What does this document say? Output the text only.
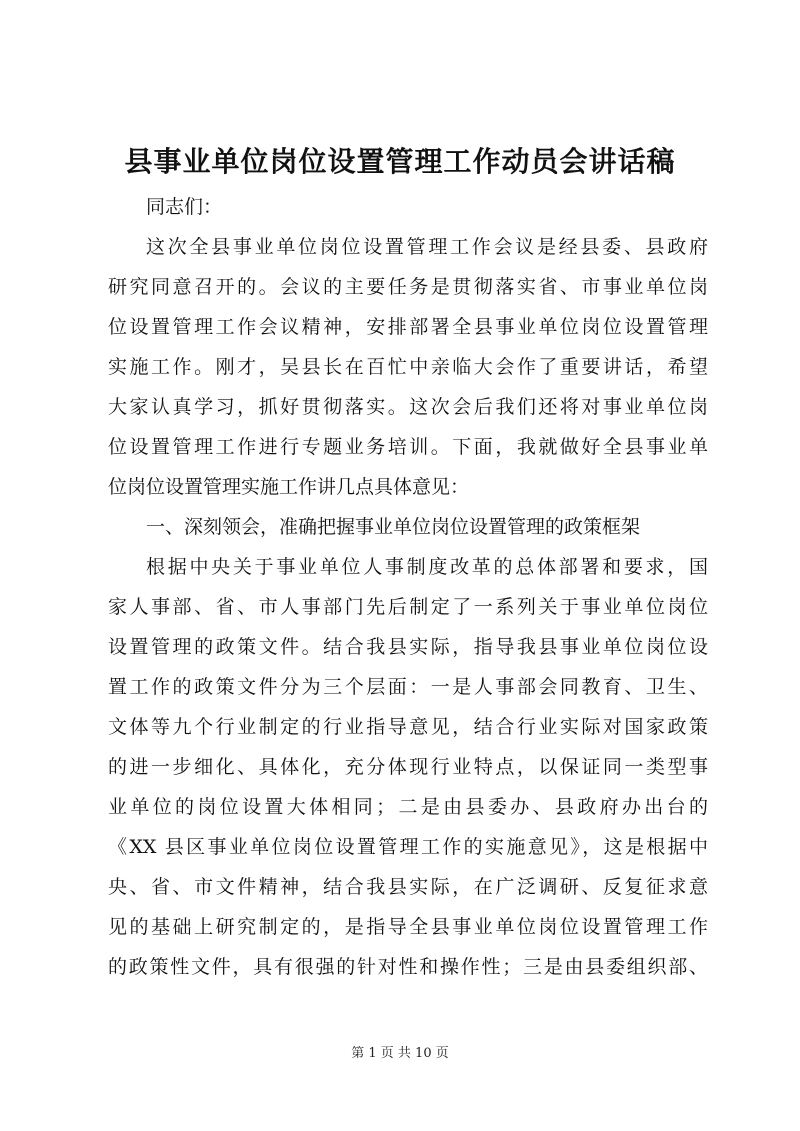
县事业单位岗位设置管理工作动员会讲话稿
同志们：
这次全县事业单位岗位设置管理工作会议是经县委、县政府
研究同意召开的。会议的主要任务是贯彻落实省、市事业单位岗
位设置管理工作会议精神，安排部署全县事业单位岗位设置管理
实施工作。刚才，吴县长在百忙中亲临大会作了重要讲话，希望
大家认真学习，抓好贯彻落实。这次会后我们还将对事业单位岗
位设置管理工作进行专题业务培训。下面，我就做好全县事业单
位岗位设置管理实施工作讲几点具体意见：
一、深刻领会，准确把握事业单位岗位设置管理的政策框架
根据中央关于事业单位人事制度改革的总体部署和要求，国
家人事部、省、市人事部门先后制定了一系列关于事业单位岗位
设置管理的政策文件。结合我县实际，指导我县事业单位岗位设
置工作的政策文件分为三个层面：一是人事部会同教育、卫生、
文体等九个行业制定的行业指导意见，结合行业实际对国家政策
的进一步细化、具体化，充分体现行业特点，以保证同一类型事
业单位的岗位设置大体相同；二是由县委办、县政府办出台的
《XX 县区事业单位岗位设置管理工作的实施意见》，这是根据中
央、省、市文件精神，结合我县实际，在广泛调研、反复征求意
见的基础上研究制定的，是指导全县事业单位岗位设置管理工作
的政策性文件，具有很强的针对性和操作性；三是由县委组织部、
第 1 页 共 10 页
